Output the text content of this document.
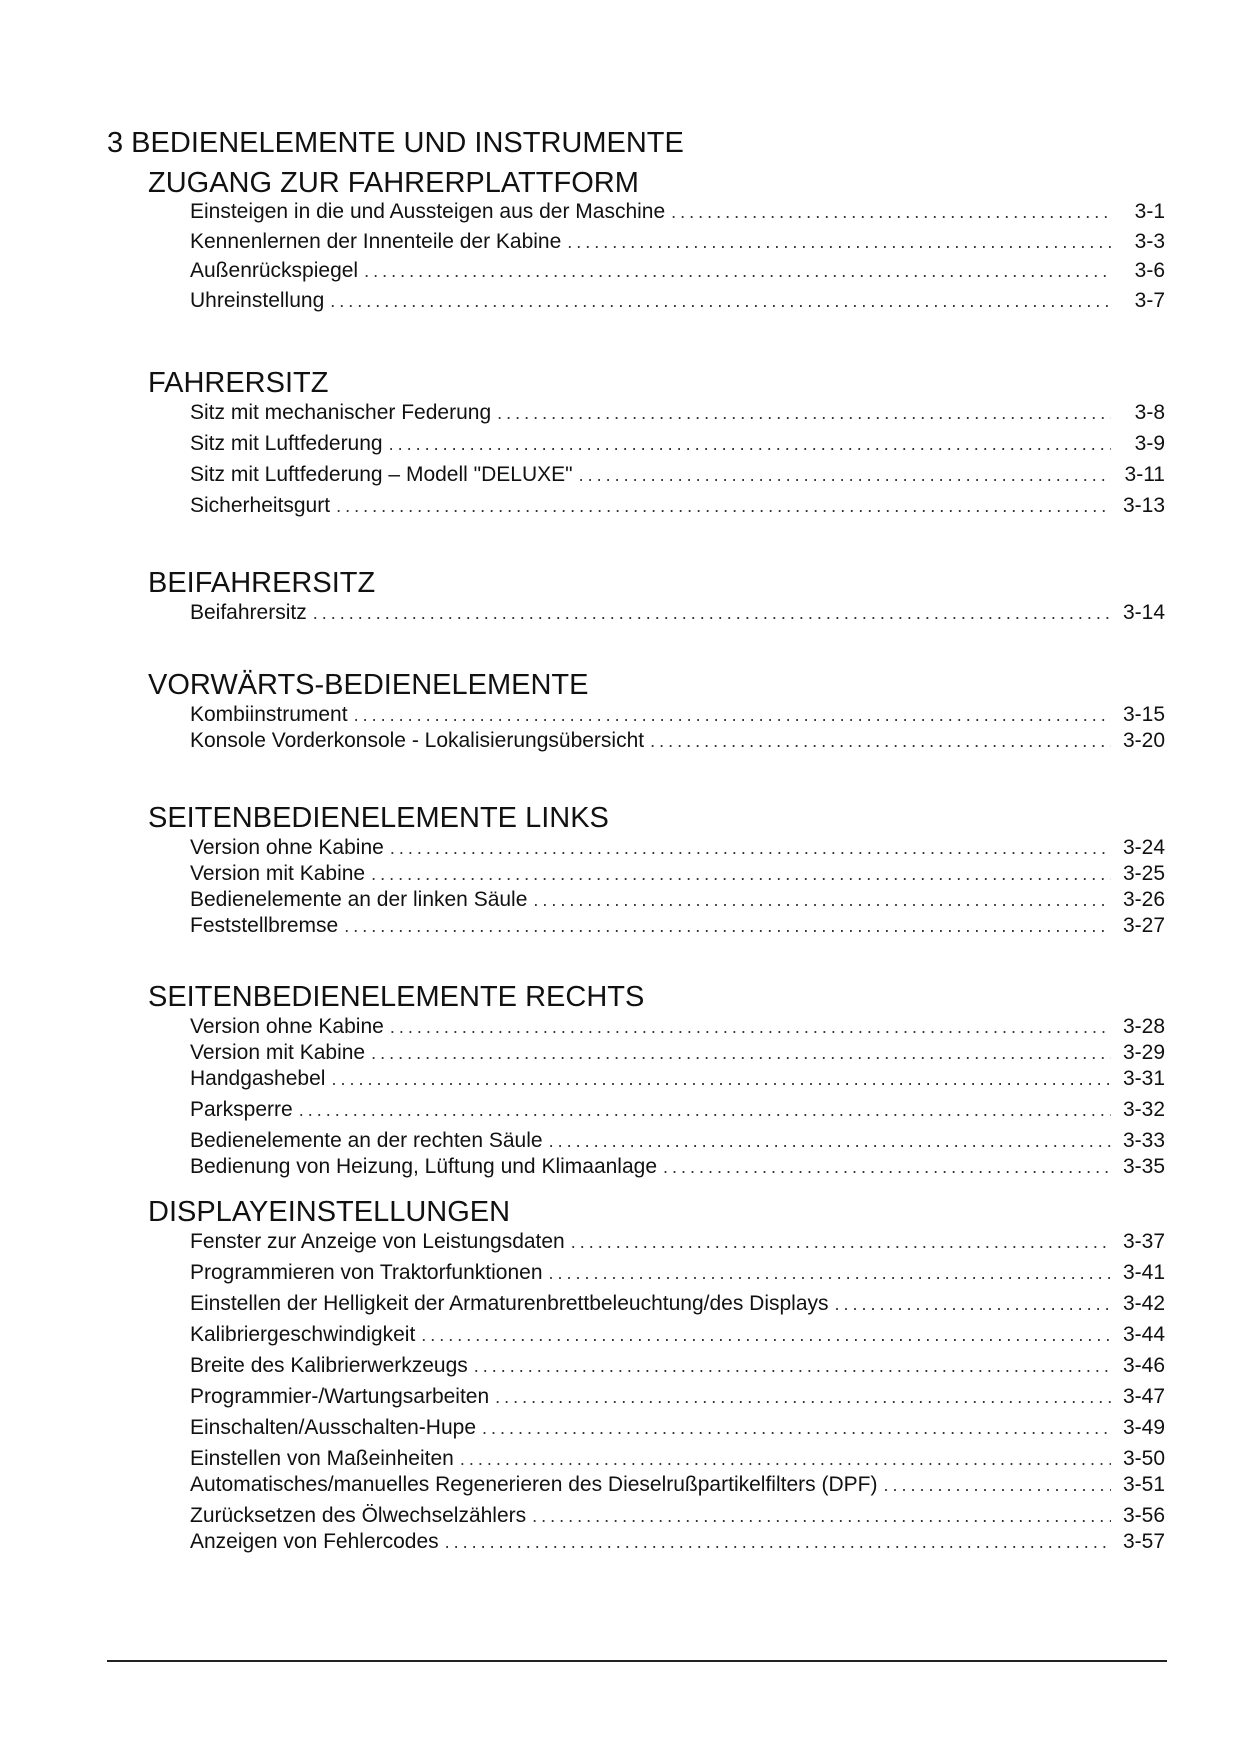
3 BEDIENELEMENTE UND INSTRUMENTE
ZUGANG ZUR FAHRERPLATTFORM
Einsteigen in die und Aussteigen aus der Maschine . . .	3-1
Kennenlernen der Innenteile der Kabine . . .	3-3
Außenrückspiegel . . .	3-6
Uhreinstellung . . .	3-7
FAHRERSITZ
Sitz mit mechanischer Federung . . .	3-8
Sitz mit Luftfederung . . .	3-9
Sitz mit Luftfederung – Modell "DELUXE" . . .	3-11
Sicherheitsgurt . . .	3-13
BEIFAHRERSITZ
Beifahrersitz . . .	3-14
VORWÄRTS-BEDIENELEMENTE
Kombiinstrument . . .	3-15
Konsole Vorderkonsole - Lokalisierungsübersicht . . .	3-20
SEITENBEDIENELEMENTE LINKS
Version ohne Kabine . . .	3-24
Version mit Kabine . . .	3-25
Bedienelemente an der linken Säule . . .	3-26
Feststellbremse . . .	3-27
SEITENBEDIENELEMENTE RECHTS
Version ohne Kabine . . .	3-28
Version mit Kabine . . .	3-29
Handgashebel . . .	3-31
Parksperre . . .	3-32
Bedienelemente an der rechten Säule . . .	3-33
Bedienung von Heizung, Lüftung und Klimaanlage . . .	3-35
DISPLAYEINSTELLUNGEN
Fenster zur Anzeige von Leistungsdaten . . .	3-37
Programmieren von Traktorfunktionen . . .	3-41
Einstellen der Helligkeit der Armaturenbrettbeleuchtung/des Displays . . .	3-42
Kalibriergeschwindigkeit . . .	3-44
Breite des Kalibrierwerkzeugs . . .	3-46
Programmier-/Wartungsarbeiten . . .	3-47
Einschalten/Ausschalten-Hupe . . .	3-49
Einstellen von Maßeinheiten . . .	3-50
Automatisches/manuelles Regenerieren des Dieselrußpartikelfilters (DPF) . . .	3-51
Zurücksetzen des Ölwechselzählers . . .	3-56
Anzeigen von Fehlercodes . . .	3-57
